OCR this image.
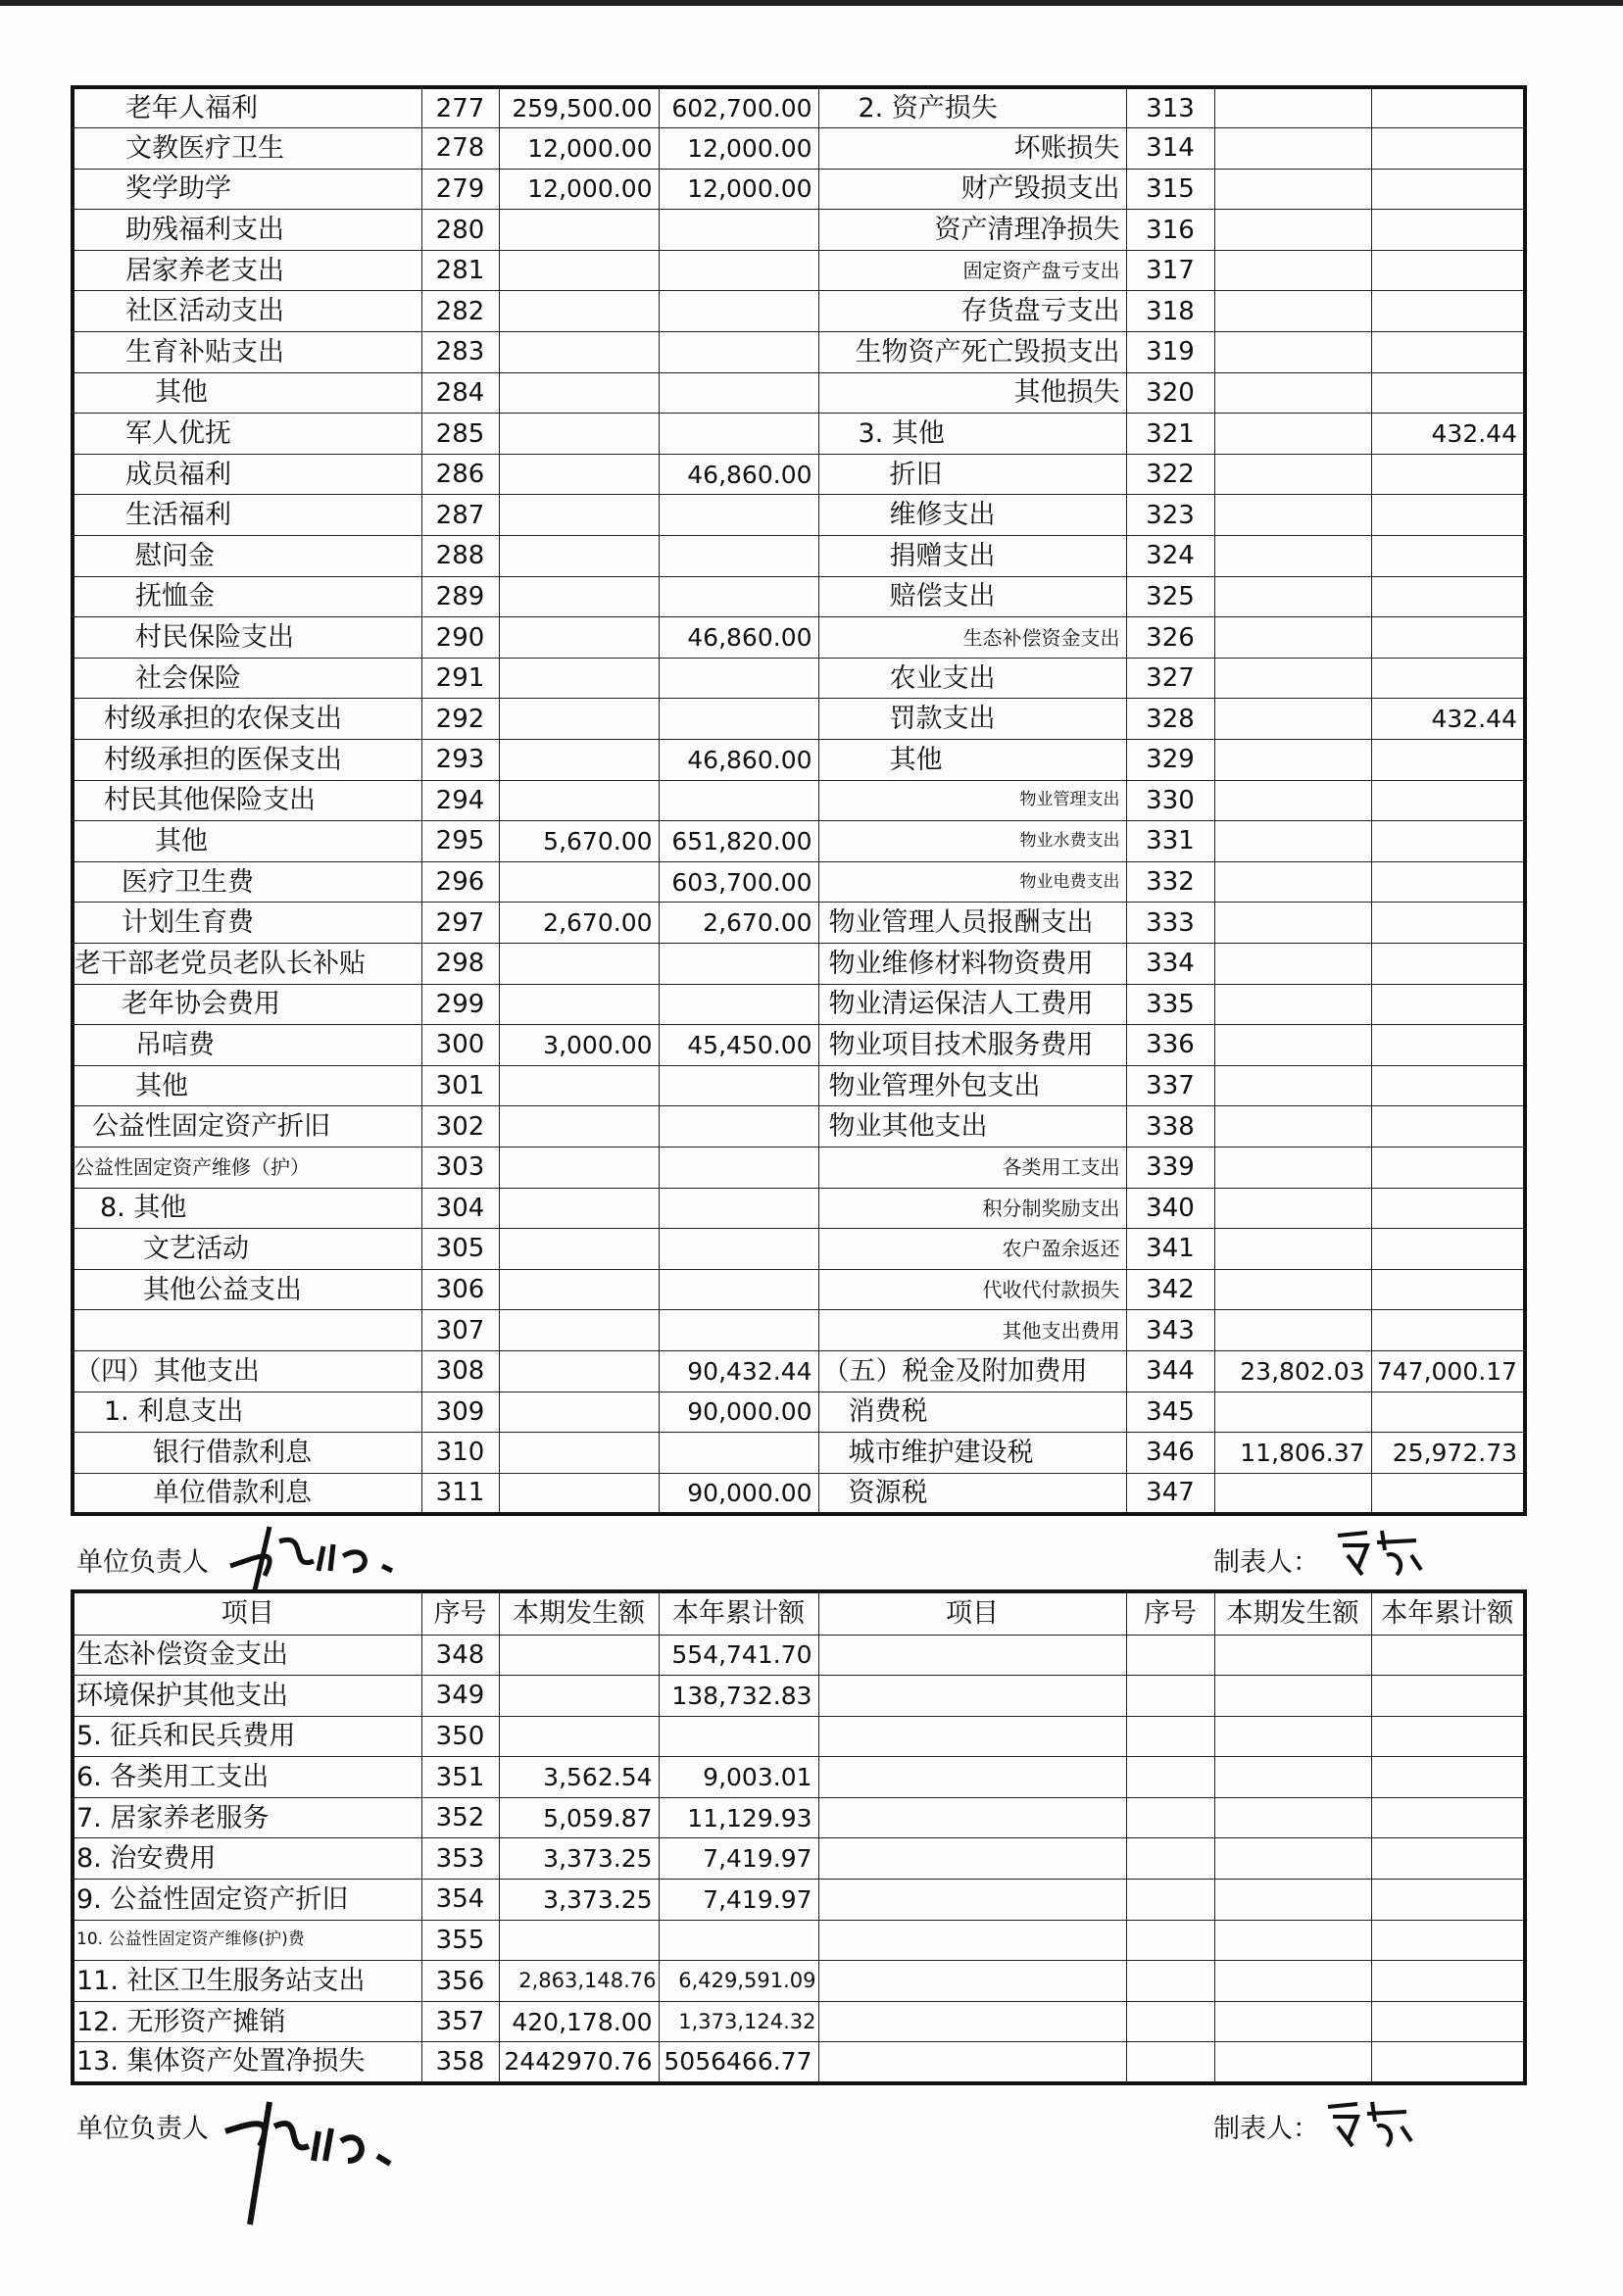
老年人福利	277	259,500.00	602,700.00	2. 资产损失	313		
文教医疗卫生	278	12,000.00	12,000.00	坏账损失	314		
奖学助学	279	12,000.00	12,000.00	财产毁损支出	315		
助残福利支出	280			资产清理净损失	316		
居家养老支出	281			固定资产盘亏支出	317		
社区活动支出	282			存货盘亏支出	318		
生育补贴支出	283			生物资产死亡毁损支出	319		
其他	284			其他损失	320		
军人优抚	285			3. 其他	321		432.44
成员福利	286		46,860.00	折旧	322		
生活福利	287			维修支出	323		
慰问金	288			捐赠支出	324		
抚恤金	289			赔偿支出	325		
村民保险支出	290		46,860.00	生态补偿资金支出	326		
社会保险	291			农业支出	327		
村级承担的农保支出	292			罚款支出	328		432.44
村级承担的医保支出	293		46,860.00	其他	329		
村民其他保险支出	294			物业管理支出	330		
其他	295	5,670.00	651,820.00	物业水费支出	331		
医疗卫生费	296		603,700.00	物业电费支出	332		
计划生育费	297	2,670.00	2,670.00	物业管理人员报酬支出	333		
老干部老党员老队长补贴	298			物业维修材料物资费用	334		
老年协会费用	299			物业清运保洁人工费用	335		
吊唁费	300	3,000.00	45,450.00	物业项目技术服务费用	336		
其他	301			物业管理外包支出	337		
公益性固定资产折旧	302			物业其他支出	338		
公益性固定资产维修（护）	303			各类用工支出	339		
8. 其他	304			积分制奖励支出	340		
文艺活动	305			农户盈余返还	341		
其他公益支出	306			代收代付款损失	342		
	307			其他支出费用	343		
（四）其他支出	308		90,432.44	（五）税金及附加费用	344	23,802.03	747,000.17
1. 利息支出	309		90,000.00	消费税	345		
银行借款利息	310			城市维护建设税	346	11,806.37	25,972.73
单位借款利息	311		90,000.00	资源税	347		
单位负责人	制表人：
项目	序号	本期发生额	本年累计额	项目	序号	本期发生额	本年累计额
生态补偿资金支出	348		554,741.70				
环境保护其他支出	349		138,732.83				
5. 征兵和民兵费用	350						
6. 各类用工支出	351	3,562.54	9,003.01				
7. 居家养老服务	352	5,059.87	11,129.93				
8. 治安费用	353	3,373.25	7,419.97				
9. 公益性固定资产折旧	354	3,373.25	7,419.97				
10. 公益性固定资产维修(护)费	355						
11. 社区卫生服务站支出	356	2,863,148.76	6,429,591.09				
12. 无形资产摊销	357	420,178.00	1,373,124.32				
13. 集体资产处置净损失	358	2442970.76	5056466.77				
单位负责人	制表人：
